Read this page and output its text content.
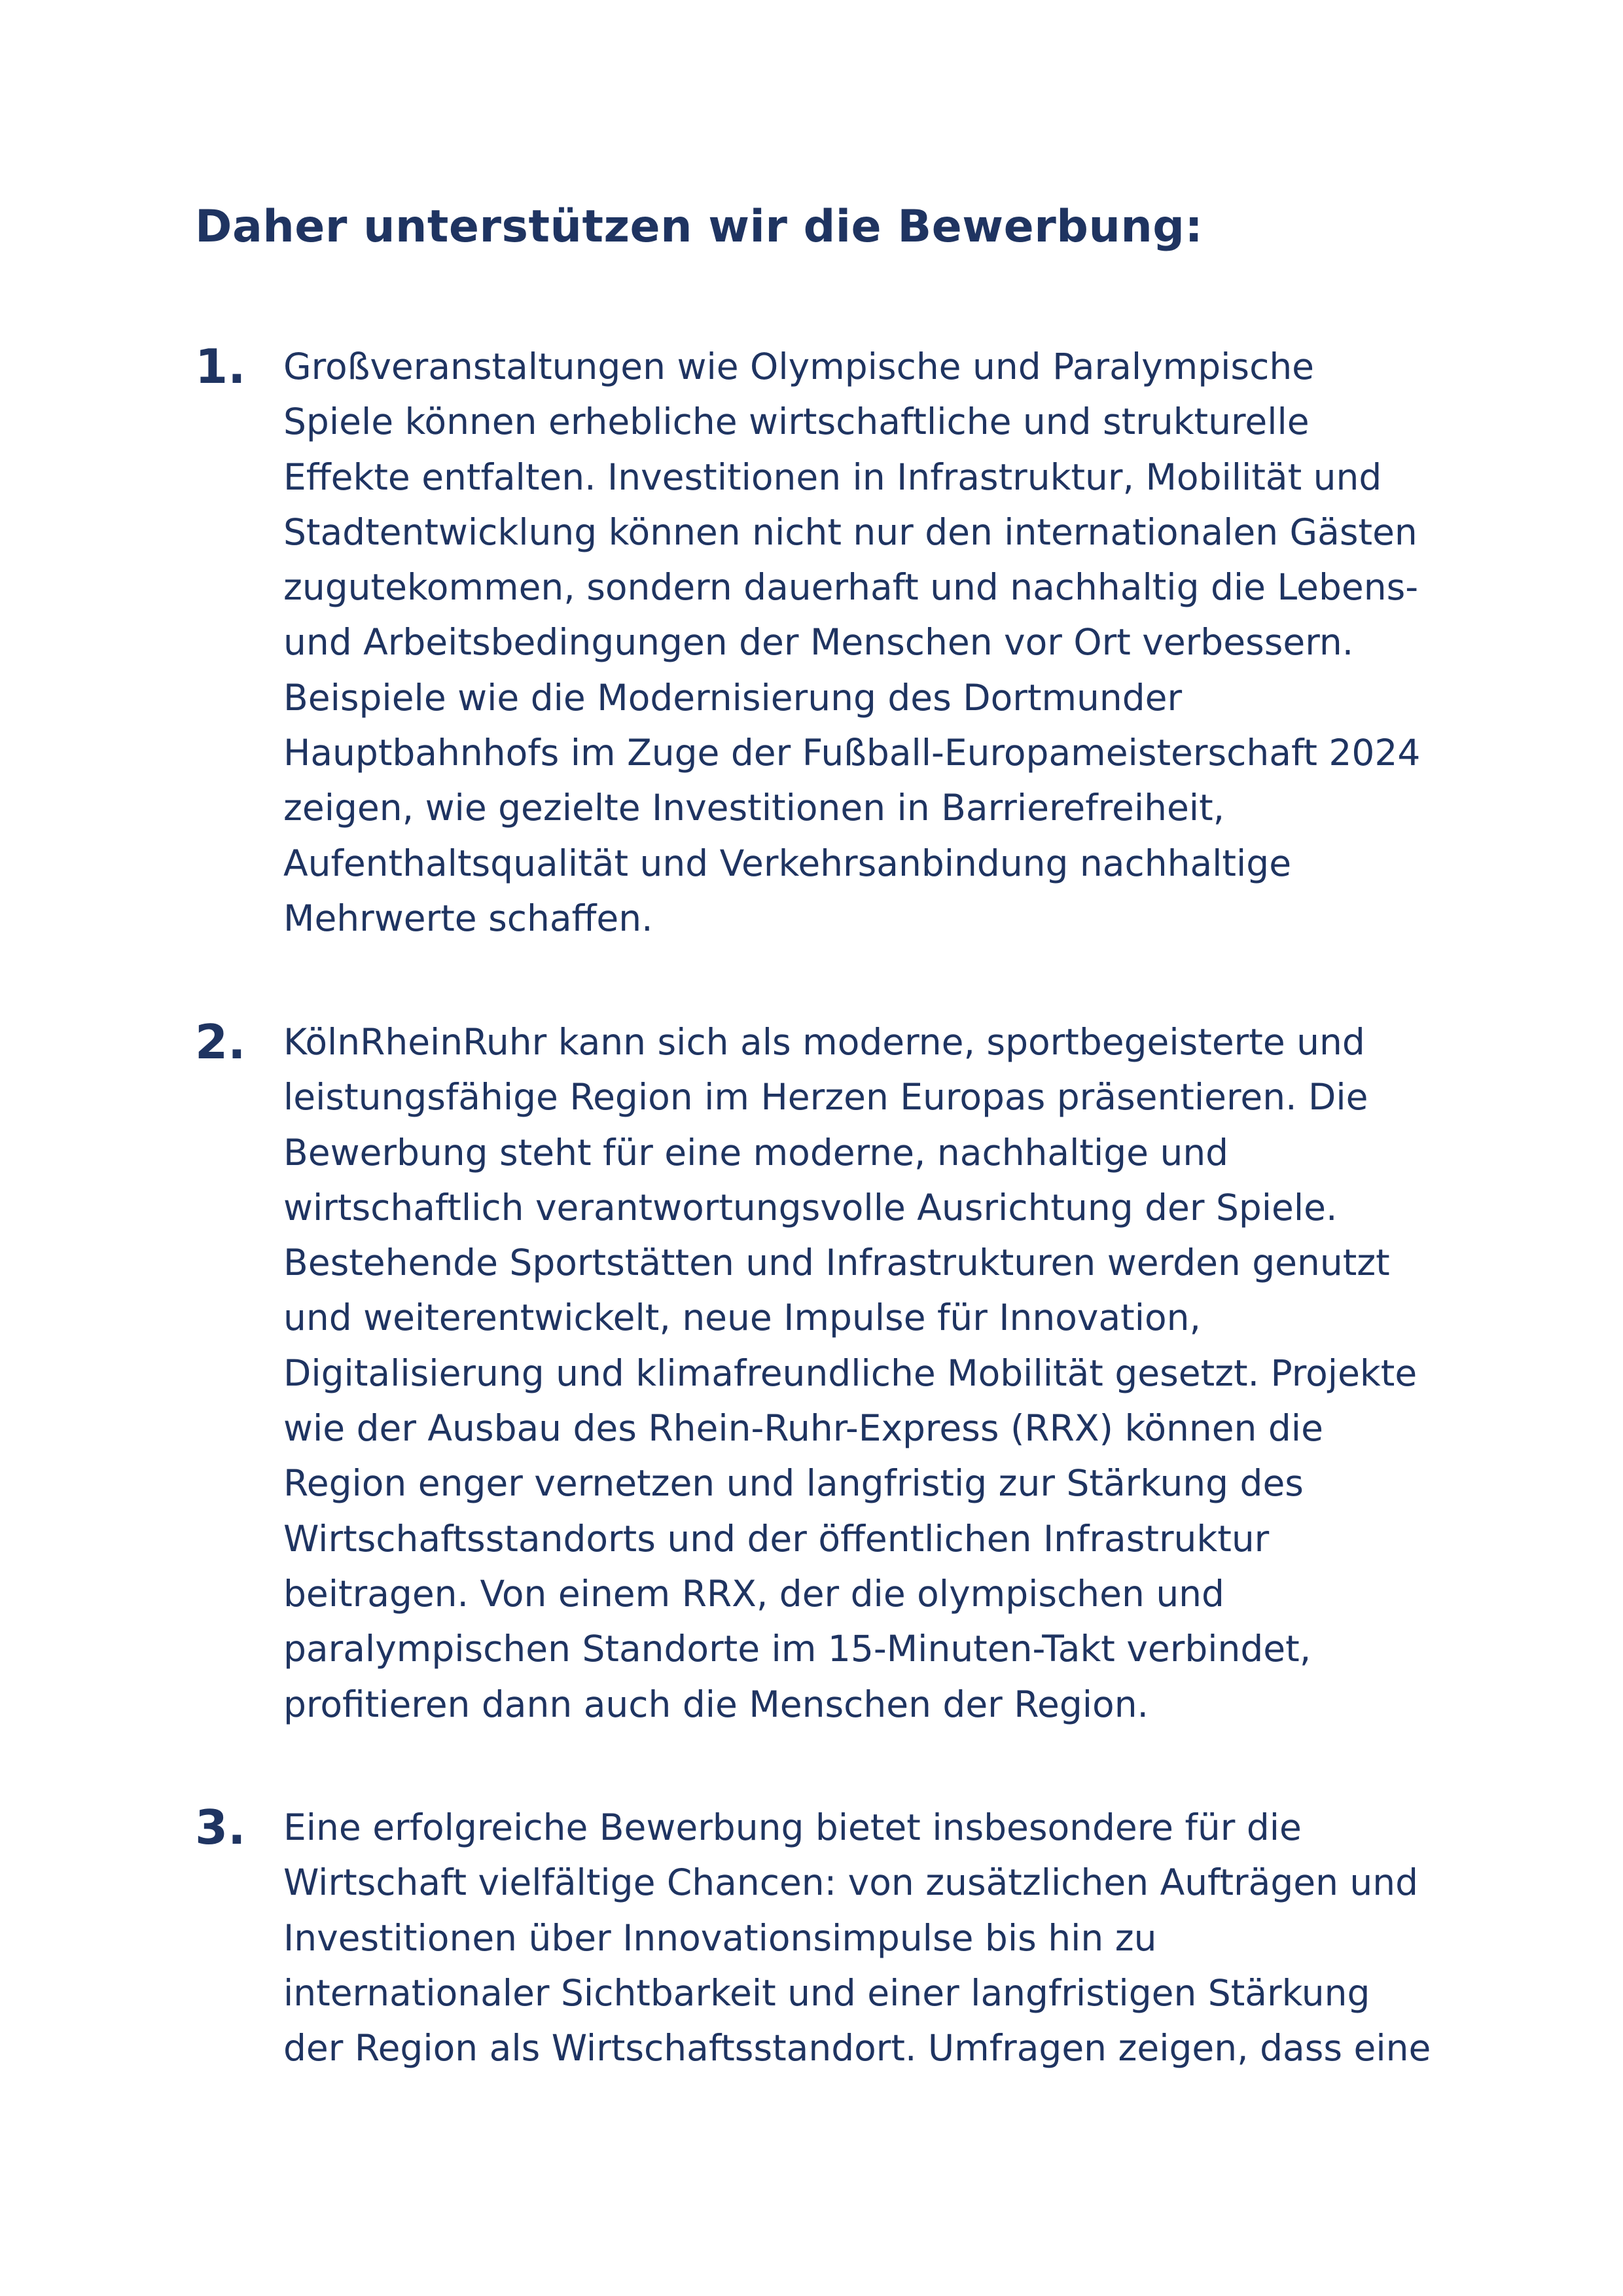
Daher unterstützen wir die Bewerbung:
1. Großveranstaltungen wie Olympische und Paralympische
Spiele können erhebliche wirtschaftliche und strukturelle
Effekte entfalten. Investitionen in Infrastruktur, Mobilität und
Stadtentwicklung können nicht nur den internationalen Gästen
zugutekommen, sondern dauerhaft und nachhaltig die Lebens-
und Arbeitsbedingungen der Menschen vor Ort verbessern.
Beispiele wie die Modernisierung des Dortmunder
Hauptbahnhofs im Zuge der Fußball-Europameisterschaft 2024
zeigen, wie gezielte Investitionen in Barrierefreiheit,
Aufenthaltsqualität und Verkehrsanbindung nachhaltige
Mehrwerte schaffen.

2. KölnRheinRuhr kann sich als moderne, sportbegeisterte und
leistungsfähige Region im Herzen Europas präsentieren. Die
Bewerbung steht für eine moderne, nachhaltige und
wirtschaftlich verantwortungsvolle Ausrichtung der Spiele.
Bestehende Sportstätten und Infrastrukturen werden genutzt
und weiterentwickelt, neue Impulse für Innovation,
Digitalisierung und klimafreundliche Mobilität gesetzt. Projekte
wie der Ausbau des Rhein-Ruhr-Express (RRX) können die
Region enger vernetzen und langfristig zur Stärkung des
Wirtschaftsstandorts und der öffentlichen Infrastruktur
beitragen. Von einem RRX, der die olympischen und
paralympischen Standorte im 15-Minuten-Takt verbindet,
profitieren dann auch die Menschen der Region.

3. Eine erfolgreiche Bewerbung bietet insbesondere für die
Wirtschaft vielfältige Chancen: von zusätzlichen Aufträgen und
Investitionen über Innovationsimpulse bis hin zu
internationaler Sichtbarkeit und einer langfristigen Stärkung
der Region als Wirtschaftsstandort. Umfragen zeigen, dass eine
